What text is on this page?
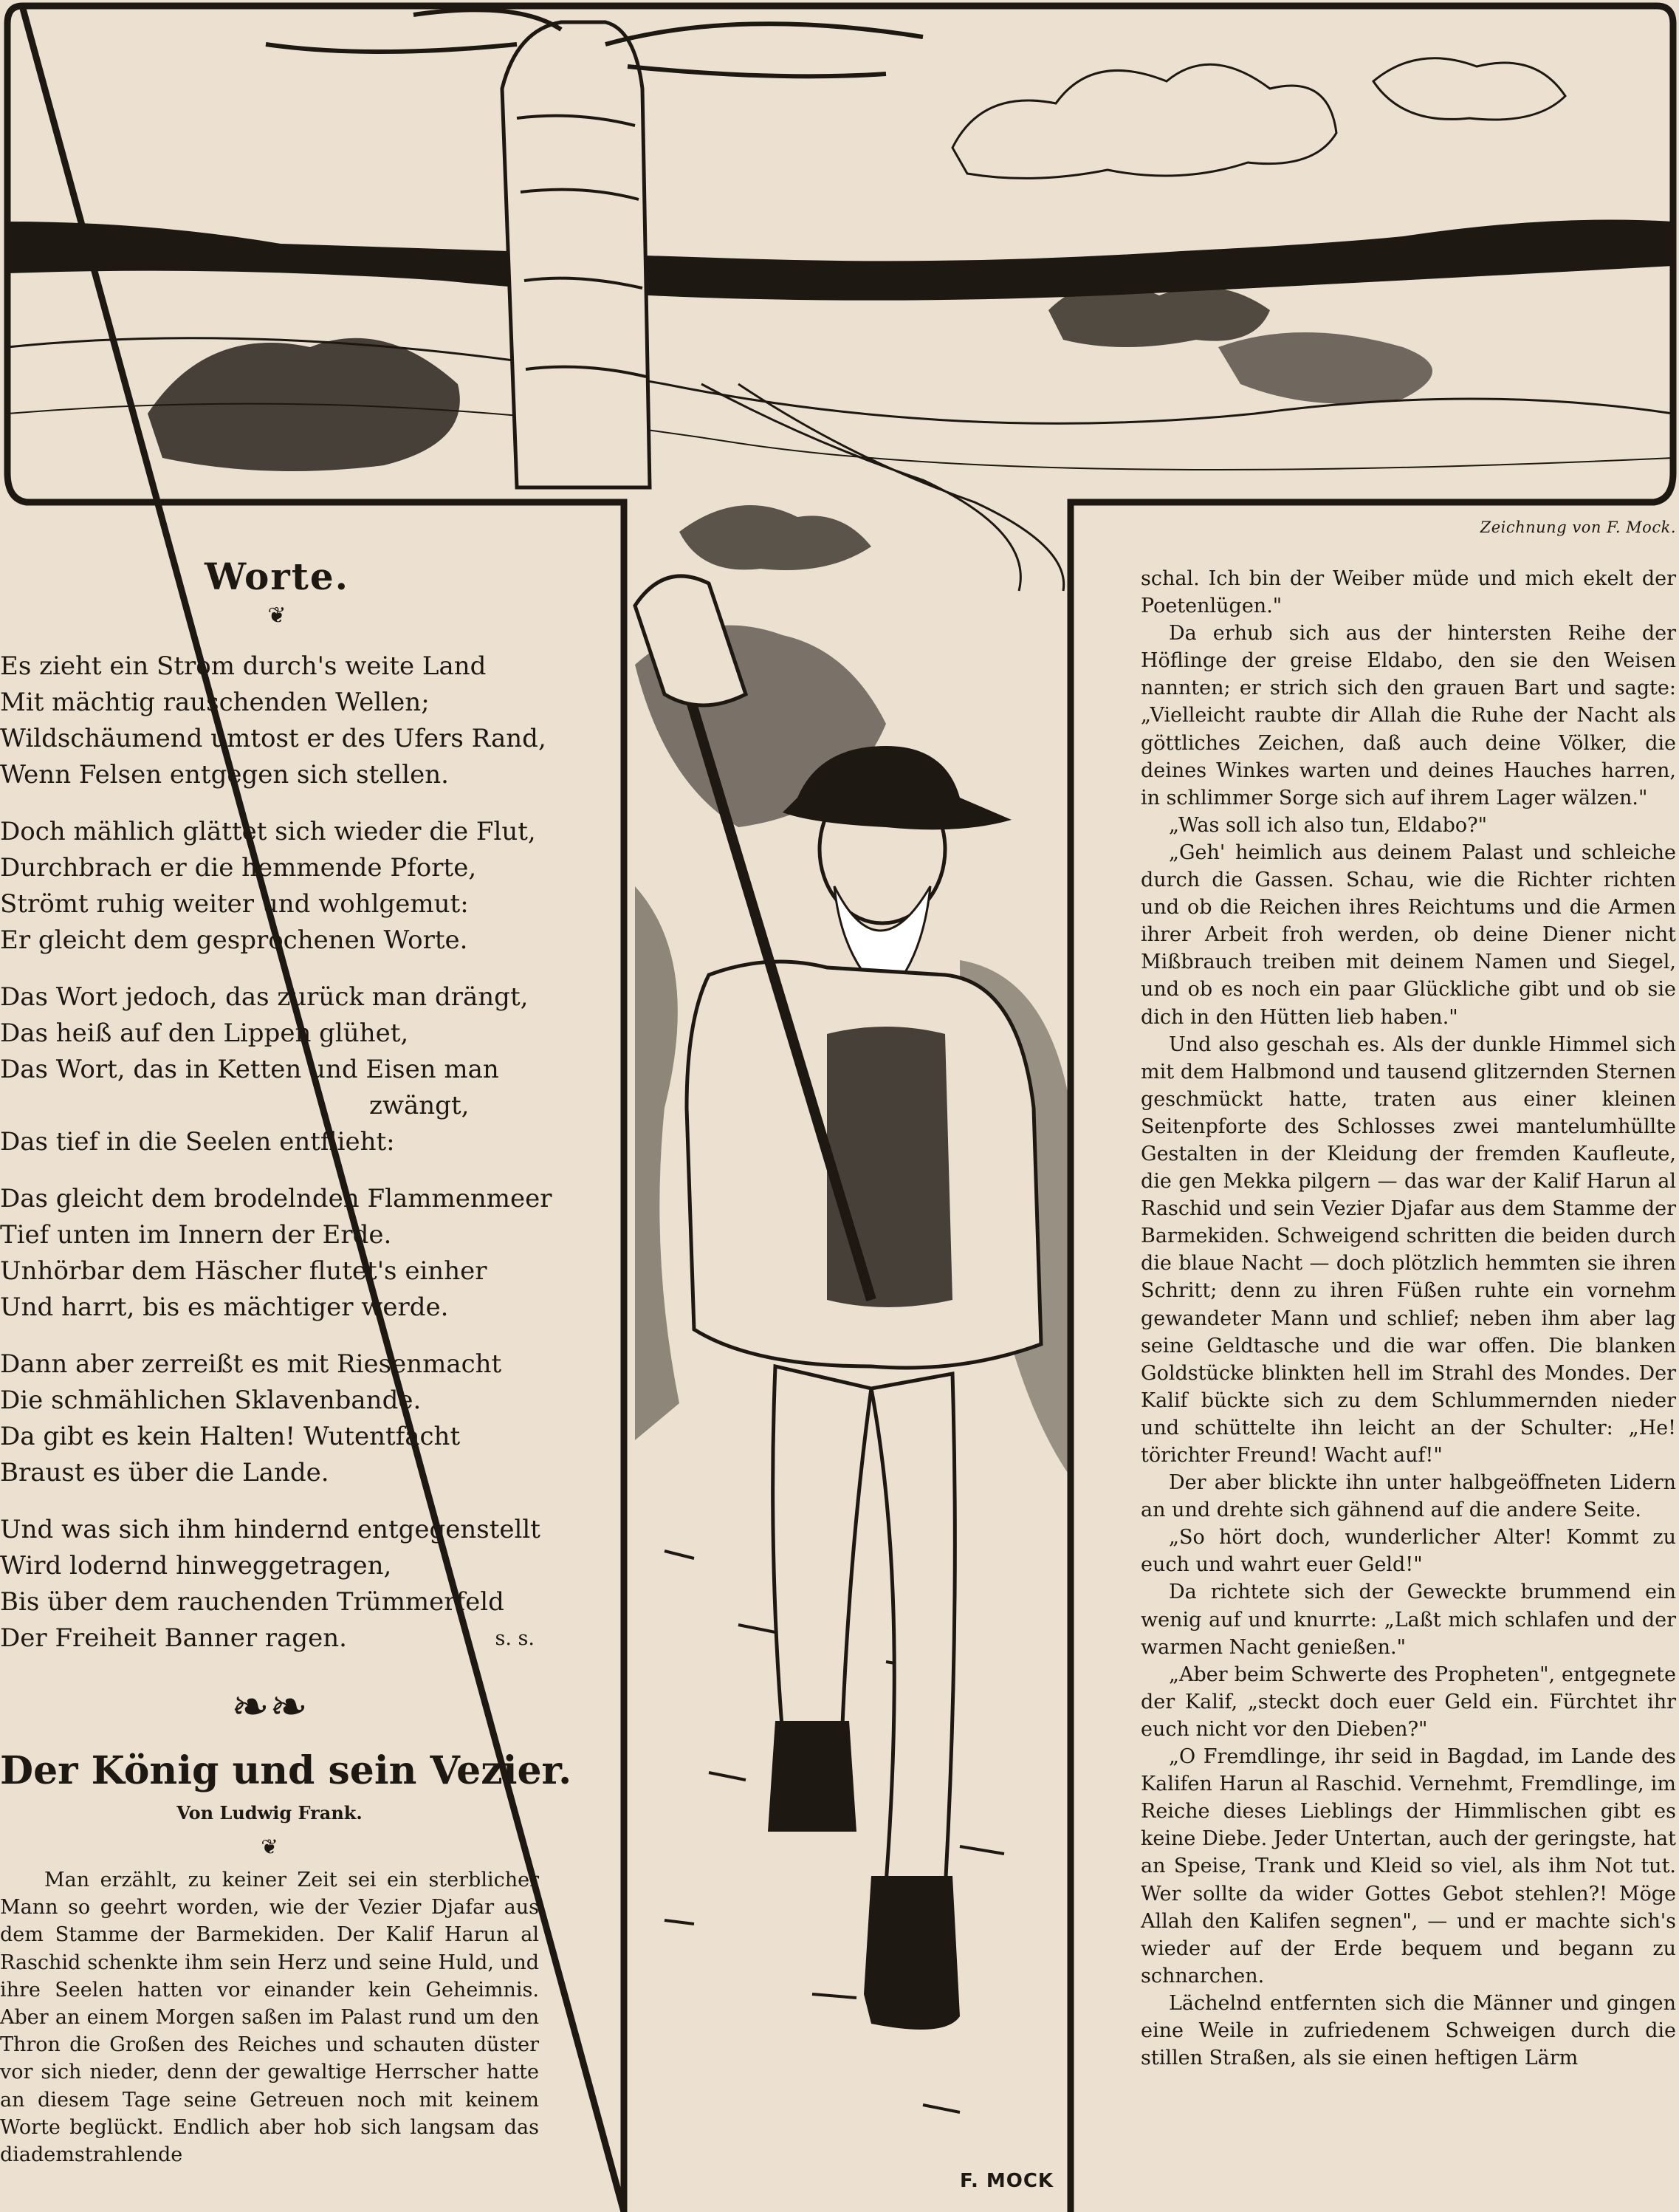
Zeichnung von F. Mock.
F. MOCK
Worte.
❦
Es zieht ein Strom durch's weite Land
Mit mächtig rauschenden Wellen;
Wildschäumend umtost er des Ufers Rand,
Wenn Felsen entgegen sich stellen.
Doch mählich glättet sich wieder die Flut,
Durchbrach er die hemmende Pforte,
Strömt ruhig weiter und wohlgemut:
Er gleicht dem gesprochenen Worte.
Das Wort jedoch, das zurück man drängt,
Das heiß auf den Lippen glühet,
Das Wort, das in Ketten und Eisen man
zwängt,
Das tief in die Seelen entflieht:
Das gleicht dem brodelnden Flammenmeer
Tief unten im Innern der Erde.
Unhörbar dem Häscher flutet's einher
Und harrt, bis es mächtiger werde.
Dann aber zerreißt es mit Riesenmacht
Die schmählichen Sklavenbande.
Da gibt es kein Halten! Wutentfacht
Braust es über die Lande.
Und was sich ihm hindernd entgegenstellt
Wird lodernd hinweggetragen,
Bis über dem rauchenden Trümmerfeld
Der Freiheit Banner ragen.	s. s.
❧❧
Der König und sein Vezier.
Von Ludwig Frank.
❦

Man erzählt, zu keiner Zeit sei ein sterblicher Mann so geehrt worden, wie der Vezier Djafar aus dem Stamme der Barmekiden. Der Kalif Harun al Raschid schenkte ihm sein Herz und seine Huld, und ihre Seelen hatten vor einander kein Geheimnis. Aber an einem Morgen saßen im Palast rund um den Thron die Großen des Reiches und schauten düster vor sich nieder, denn der gewaltige Herrscher hatte an diesem Tage seine Getreuen noch mit keinem Worte beglückt. Endlich aber hob sich langsam das diademstrahlende

schal. Ich bin der Weiber müde und mich ekelt der Poetenlügen."

Da erhub sich aus der hintersten Reihe der Höflinge der greise Eldabo, den sie den Weisen nannten; er strich sich den grauen Bart und sagte: „Vielleicht raubte dir Allah die Ruhe der Nacht als göttliches Zeichen, daß auch deine Völker, die deines Winkes warten und deines Hauches harren, in schlimmer Sorge sich auf ihrem Lager wälzen."

„Was soll ich also tun, Eldabo?"

„Geh' heimlich aus deinem Palast und schleiche durch die Gassen. Schau, wie die Richter richten und ob die Reichen ihres Reichtums und die Armen ihrer Arbeit froh werden, ob deine Diener nicht Mißbrauch treiben mit deinem Namen und Siegel, und ob es noch ein paar Glückliche gibt und ob sie dich in den Hütten lieb haben."

Und also geschah es. Als der dunkle Himmel sich mit dem Halbmond und tausend glitzernden Sternen geschmückt hatte, traten aus einer kleinen Seitenpforte des Schlosses zwei mantelumhüllte Gestalten in der Kleidung der fremden Kaufleute, die gen Mekka pilgern — das war der Kalif Harun al Raschid und sein Vezier Djafar aus dem Stamme der Barmekiden. Schweigend schritten die beiden durch die blaue Nacht — doch plötzlich hemmten sie ihren Schritt; denn zu ihren Füßen ruhte ein vornehm gewandeter Mann und schlief; neben ihm aber lag seine Geldtasche und die war offen. Die blanken Goldstücke blinkten hell im Strahl des Mondes. Der Kalif bückte sich zu dem Schlummernden nieder und schüttelte ihn leicht an der Schulter: „He! törichter Freund! Wacht auf!"

Der aber blickte ihn unter halbgeöffneten Lidern an und drehte sich gähnend auf die andere Seite.

„So hört doch, wunderlicher Alter! Kommt zu euch und wahrt euer Geld!"

Da richtete sich der Geweckte brummend ein wenig auf und knurrte: „Laßt mich schlafen und der warmen Nacht genießen."

„Aber beim Schwerte des Propheten", entgegnete der Kalif, „steckt doch euer Geld ein. Fürchtet ihr euch nicht vor den Dieben?"

„O Fremdlinge, ihr seid in Bagdad, im Lande des Kalifen Harun al Raschid. Vernehmt, Fremdlinge, im Reiche dieses Lieblings der Himmlischen gibt es keine Diebe. Jeder Untertan, auch der geringste, hat an Speise, Trank und Kleid so viel, als ihm Not tut. Wer sollte da wider Gottes Gebot stehlen?! Möge Allah den Kalifen segnen", — und er machte sich's wieder auf der Erde bequem und begann zu schnarchen.

Lächelnd entfernten sich die Männer und gingen eine Weile in zufriedenem Schweigen durch die stillen Straßen, als sie einen heftigen Lärm
